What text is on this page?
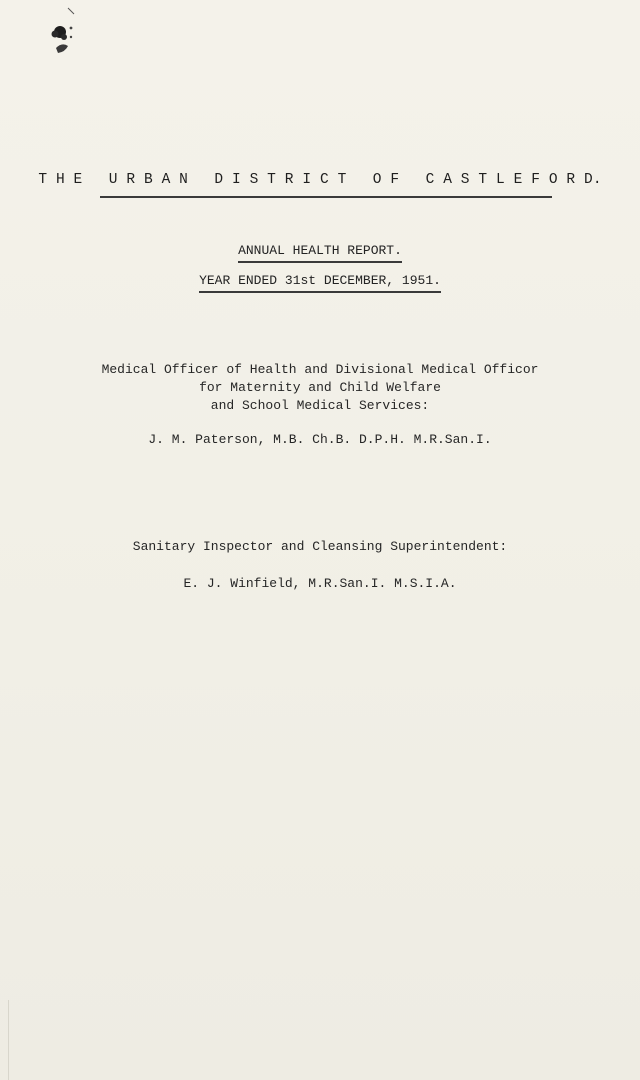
T H E   U R B A N   D I S T R I C T   O F   C A S T L E F O R D.
ANNUAL HEALTH REPORT.
YEAR ENDED 31st DECEMBER, 1951.
Medical Officer of Health and Divisional Medical Officor
for Maternity and Child Welfare
and School Medical Services:
J. M. Paterson, M.B. Ch.B. D.P.H. M.R.San.I.
Sanitary Inspector and Cleansing Superintendent:
E. J. Winfield, M.R.San.I. M.S.I.A.
